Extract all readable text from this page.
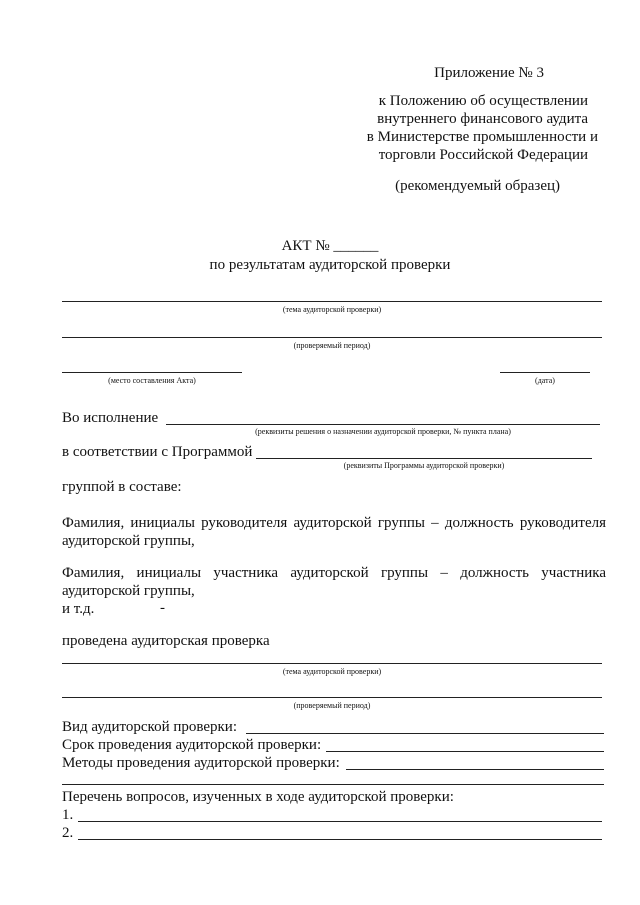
Приложение № 3
к Положению об осуществлении
внутреннего финансового аудита
в Министерстве промышленности и
торговли Российской Федерации
(рекомендуемый образец)
АКТ № ______
по результатам аудиторской проверки
(тема аудиторской проверки)
(проверяемый период)
(место составления Акта)	(дата)
Во исполнение
(реквизиты решения о назначении аудиторской проверки, № пункта плана)
в соответствии с Программой
(реквизиты Программы аудиторской проверки)
группой в составе:
Фамилия, инициалы руководителя аудиторской группы – должность руководителя
аудиторской группы,
Фамилия, инициалы участника аудиторской группы – должность участника
аудиторской группы,
и т.д.	-
проведена аудиторская проверка
(тема аудиторской проверки)
(проверяемый период)
Вид аудиторской проверки:
Срок проведения аудиторской проверки:
Методы проведения аудиторской проверки:
Перечень вопросов, изученных в ходе аудиторской проверки:
1.
2.
